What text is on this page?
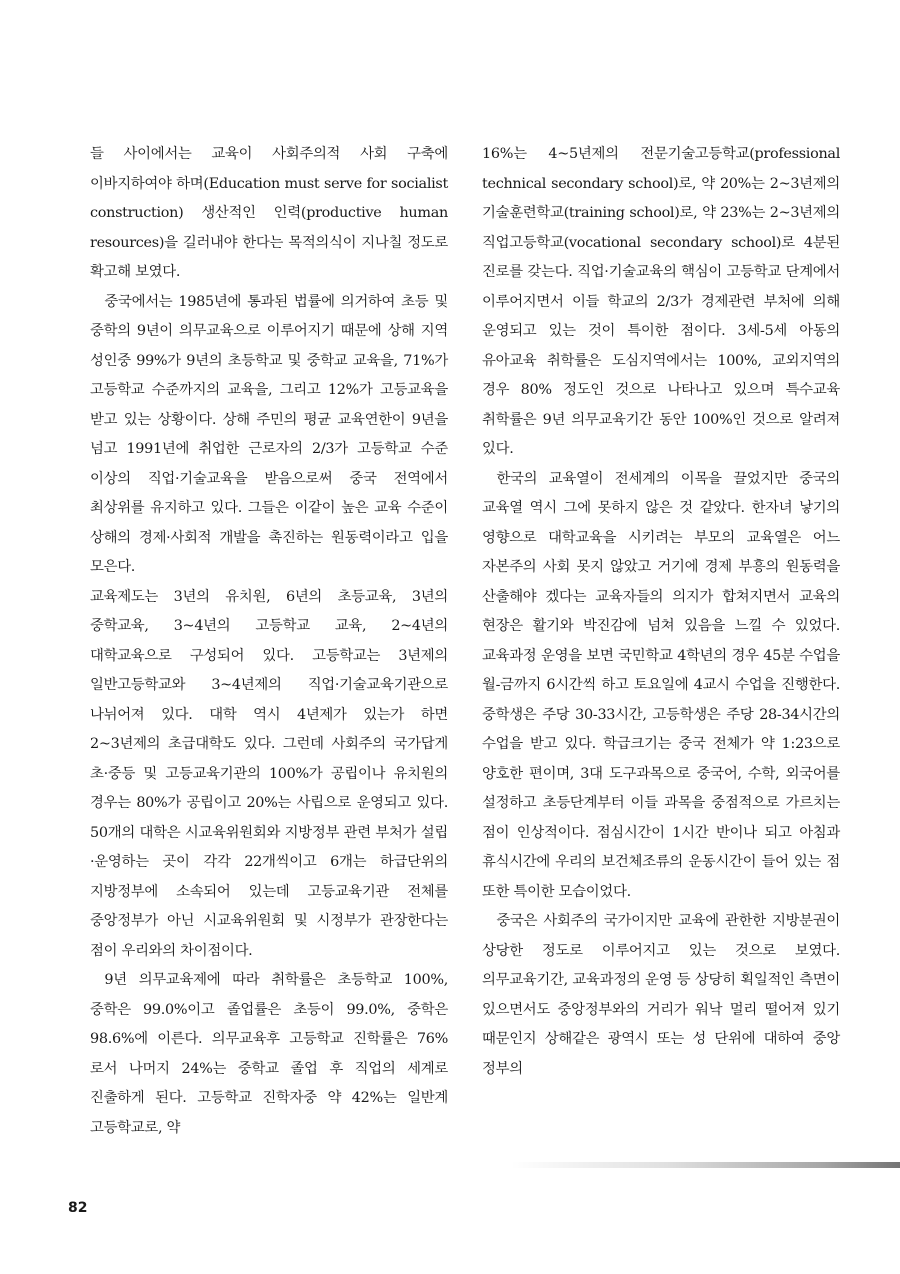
들 사이에서는 교육이 사회주의적 사회 구축에 이바지하여야 하며(Education must serve for socialist construction) 생산적인 인력(productive human resources)을 길러내야 한다는 목적의식이 지나칠 정도로 확고해 보였다.

중국에서는 1985년에 통과된 법률에 의거하여 초등 및 중학의 9년이 의무교육으로 이루어지기 때문에 상해 지역 성인중 99%가 9년의 초등학교 및 중학교 교육을, 71%가 고등학교 수준까지의 교육을, 그리고 12%가 고등교육을 받고 있는 상황이다. 상해 주민의 평균 교육연한이 9년을 넘고 1991년에 취업한 근로자의 2/3가 고등학교 수준 이상의 직업·기술교육을 받음으로써 중국 전역에서 최상위를 유지하고 있다. 그들은 이같이 높은 교육 수준이 상해의 경제·사회적 개발을 촉진하는 원동력이라고 입을 모은다.

교육제도는 3년의 유치원, 6년의 초등교육, 3년의 중학교육, 3~4년의 고등학교 교육, 2~4년의 대학교육으로 구성되어 있다. 고등학교는 3년제의 일반고등학교와 3~4년제의 직업·기술교육기관으로 나뉘어져 있다. 대학 역시 4년제가 있는가 하면 2~3년제의 초급대학도 있다. 그런데 사회주의 국가답게 초·중등 및 고등교육기관의 100%가 공립이나 유치원의 경우는 80%가 공립이고 20%는 사립으로 운영되고 있다. 50개의 대학은 시교육위원회와 지방정부 관련 부처가 설립·운영하는 곳이 각각 22개씩이고 6개는 하급단위의 지방정부에 소속되어 있는데 고등교육기관 전체를 중앙정부가 아닌 시교육위원회 및 시정부가 관장한다는 점이 우리와의 차이점이다.

9년 의무교육제에 따라 취학률은 초등학교 100%, 중학은 99.0%이고 졸업률은 초등이 99.0%, 중학은 98.6%에 이른다. 의무교육후 고등학교 진학률은 76%로서 나머지 24%는 중학교 졸업 후 직업의 세계로 진출하게 된다. 고등학교 진학자중 약 42%는 일반계 고등학교로, 약

16%는 4~5년제의 전문기술고등학교(professional technical secondary school)로, 약 20%는 2~3년제의 기술훈련학교(training school)로, 약 23%는 2~3년제의 직업고등학교(vocational secondary school)로 4분된 진로를 갖는다. 직업·기술교육의 핵심이 고등학교 단계에서 이루어지면서 이들 학교의 2/3가 경제관련 부처에 의해 운영되고 있는 것이 특이한 점이다. 3세-5세 아동의 유아교육 취학률은 도심지역에서는 100%, 교외지역의 경우 80% 정도인 것으로 나타나고 있으며 특수교육 취학률은 9년 의무교육기간 동안 100%인 것으로 알려져 있다.

한국의 교육열이 전세계의 이목을 끌었지만 중국의 교육열 역시 그에 못하지 않은 것 같았다. 한자녀 낳기의 영향으로 대학교육을 시키려는 부모의 교육열은 어느 자본주의 사회 못지 않았고 거기에 경제 부흥의 원동력을 산출해야 겠다는 교육자들의 의지가 합쳐지면서 교육의 현장은 활기와 박진감에 넘쳐 있음을 느낄 수 있었다. 교육과정 운영을 보면 국민학교 4학년의 경우 45분 수업을 월-금까지 6시간씩 하고 토요일에 4교시 수업을 진행한다. 중학생은 주당 30-33시간, 고등학생은 주당 28-34시간의 수업을 받고 있다. 학급크기는 중국 전체가 약 1:23으로 양호한 편이며, 3대 도구과목으로 중국어, 수학, 외국어를 설정하고 초등단계부터 이들 과목을 중점적으로 가르치는 점이 인상적이다. 점심시간이 1시간 반이나 되고 아침과 휴식시간에 우리의 보건체조류의 운동시간이 들어 있는 점 또한 특이한 모습이었다.

중국은 사회주의 국가이지만 교육에 관한한 지방분권이 상당한 정도로 이루어지고 있는 것으로 보였다. 의무교육기간, 교육과정의 운영 등 상당히 획일적인 측면이 있으면서도 중앙정부와의 거리가 워낙 멀리 떨어져 있기 때문인지 상해같은 광역시 또는 성 단위에 대하여 중앙 정부의

82
